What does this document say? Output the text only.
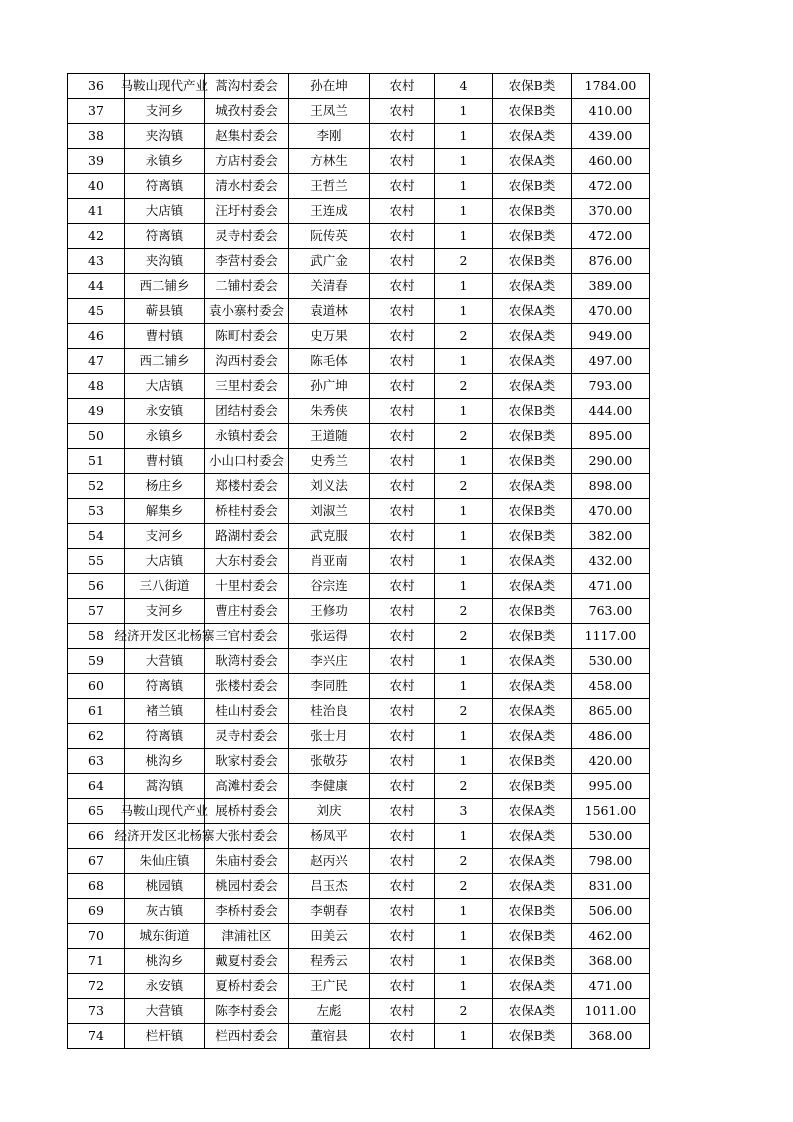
36	马鞍山现代产业	蒿沟村委会	孙在坤	农村	4	农保B类	1784.00
37	支河乡	城孜村委会	王凤兰	农村	1	农保B类	410.00
38	夹沟镇	赵集村委会	李刚	农村	1	农保A类	439.00
39	永镇乡	方店村委会	方林生	农村	1	农保A类	460.00
40	符离镇	清水村委会	王哲兰	农村	1	农保B类	472.00
41	大店镇	汪圩村委会	王连成	农村	1	农保B类	370.00
42	符离镇	灵寺村委会	阮传英	农村	1	农保B类	472.00
43	夹沟镇	李营村委会	武广金	农村	2	农保B类	876.00
44	西二铺乡	二铺村委会	关清春	农村	1	农保A类	389.00
45	蕲县镇	袁小寨村委会	袁道林	农村	1	农保A类	470.00
46	曹村镇	陈町村委会	史万果	农村	2	农保A类	949.00
47	西二铺乡	沟西村委会	陈毛体	农村	1	农保A类	497.00
48	大店镇	三里村委会	孙广坤	农村	2	农保A类	793.00
49	永安镇	团结村委会	朱秀侠	农村	1	农保B类	444.00
50	永镇乡	永镇村委会	王道随	农村	2	农保B类	895.00
51	曹村镇	小山口村委会	史秀兰	农村	1	农保B类	290.00
52	杨庄乡	郑楼村委会	刘义法	农村	2	农保A类	898.00
53	解集乡	桥桂村委会	刘淑兰	农村	1	农保B类	470.00
54	支河乡	路湖村委会	武克服	农村	1	农保B类	382.00
55	大店镇	大东村委会	肖亚南	农村	1	农保A类	432.00
56	三八街道	十里村委会	谷宗连	农村	1	农保A类	471.00
57	支河乡	曹庄村委会	王修功	农村	2	农保B类	763.00
58	经济开发区北杨寨	三官村委会	张运得	农村	2	农保B类	1117.00
59	大营镇	耿湾村委会	李兴庄	农村	1	农保A类	530.00
60	符离镇	张楼村委会	李同胜	农村	1	农保A类	458.00
61	褚兰镇	桂山村委会	桂治良	农村	2	农保A类	865.00
62	符离镇	灵寺村委会	张士月	农村	1	农保A类	486.00
63	桃沟乡	耿家村委会	张敬芬	农村	1	农保B类	420.00
64	蒿沟镇	高滩村委会	李健康	农村	2	农保B类	995.00
65	马鞍山现代产业	展桥村委会	刘庆	农村	3	农保A类	1561.00
66	经济开发区北杨寨	大张村委会	杨凤平	农村	1	农保A类	530.00
67	朱仙庄镇	朱庙村委会	赵丙兴	农村	2	农保A类	798.00
68	桃园镇	桃园村委会	吕玉杰	农村	2	农保A类	831.00
69	灰古镇	李桥村委会	李朝春	农村	1	农保B类	506.00
70	城东街道	津浦社区	田美云	农村	1	农保B类	462.00
71	桃沟乡	戴夏村委会	程秀云	农村	1	农保B类	368.00
72	永安镇	夏桥村委会	王广民	农村	1	农保A类	471.00
73	大营镇	陈李村委会	左彪	农村	2	农保A类	1011.00
74	栏杆镇	栏西村委会	董宿县	农村	1	农保B类	368.00
